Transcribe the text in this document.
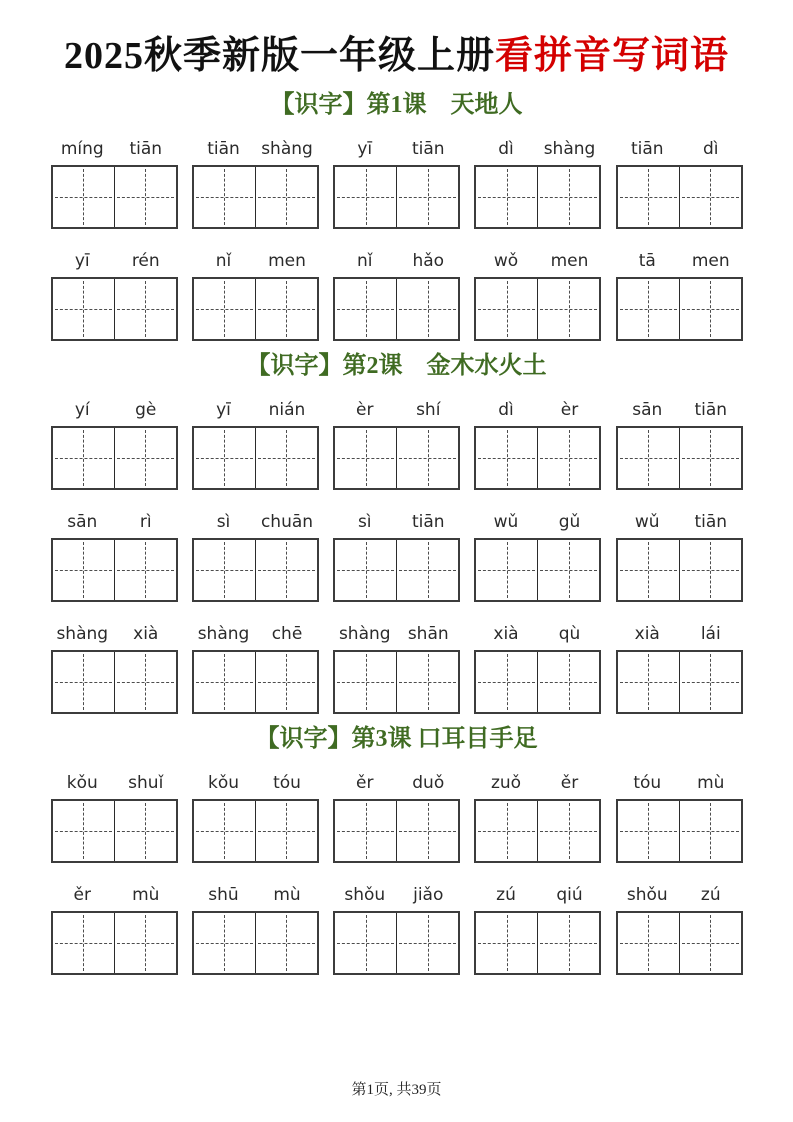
2025秋季新版一年级上册看拼音写词语
【识字】第1课　天地人
míng	tiān	tiān	shàng	yī	tiān	dì	shàng	tiān	dì
yī	rén	nǐ	men	nǐ	hǎo	wǒ	men	tā	men
【识字】第2课　金木水火土
yí	gè	yī	nián	èr	shí	dì	èr	sān	tiān
sān	rì	sì	chuān	sì	tiān	wǔ	gǔ	wǔ	tiān
shàng	xià	shàng	chē	shàng	shān	xià	qù	xià	lái
【识字】第3课 口耳目手足
kǒu	shuǐ	kǒu	tóu	ěr	duǒ	zuǒ	ěr	tóu	mù
ěr	mù	shū	mù	shǒu	jiǎo	zú	qiú	shǒu	zú
第1页, 共39页
